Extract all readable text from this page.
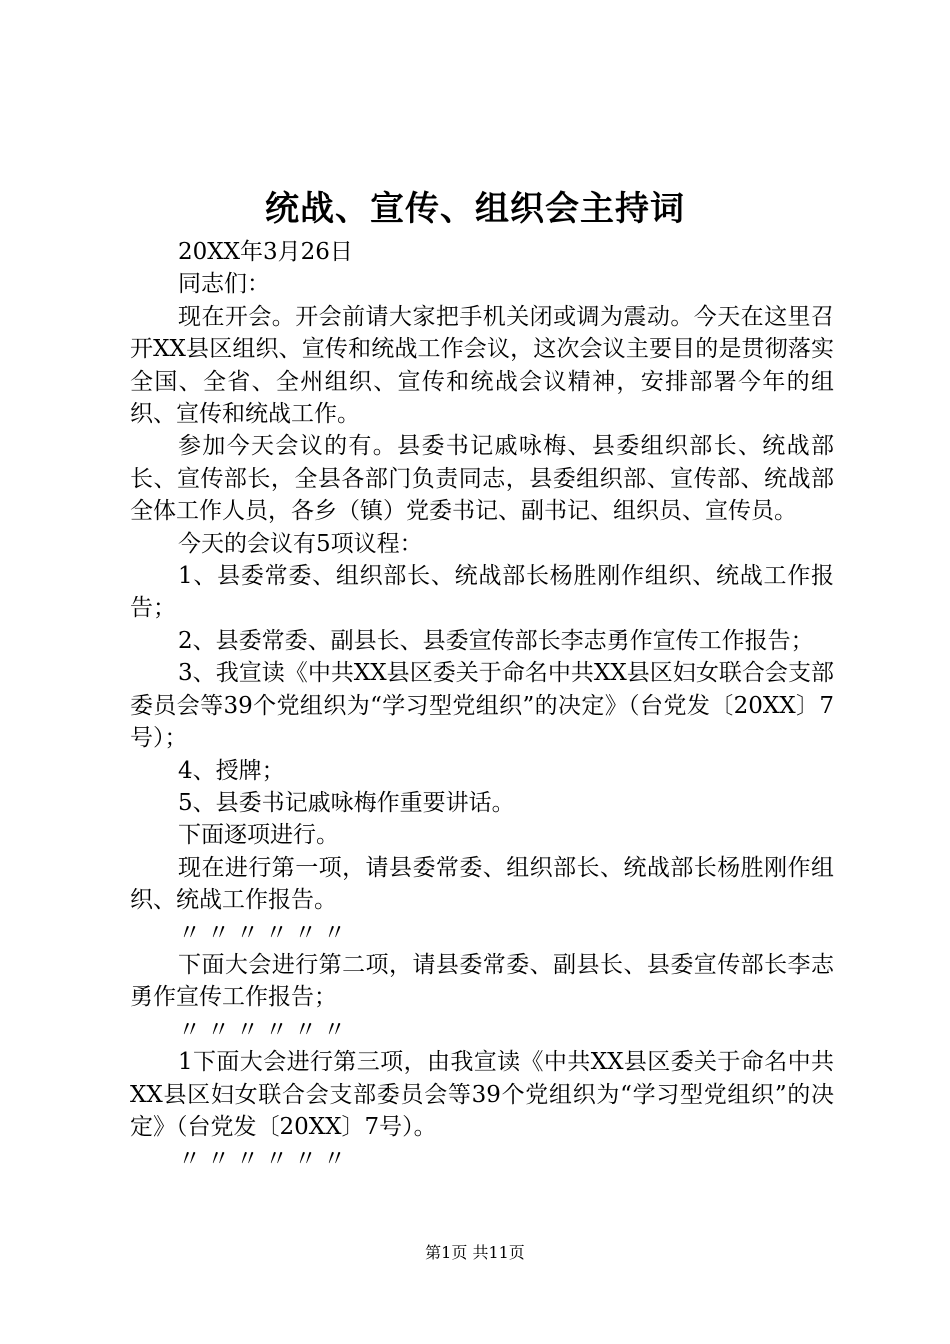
统战、宣传、组织会主持词

20XX年3月26日

同志们：

现在开会。开会前请大家把手机关闭或调为震动。今天在这里召开XX县区组织、宣传和统战工作会议，这次会议主要目的是贯彻落实全国、全省、全州组织、宣传和统战会议精神，安排部署今年的组织、宣传和统战工作。

参加今天会议的有。县委书记戚咏梅、县委组织部长、统战部长、宣传部长，全县各部门负责同志，县委组织部、宣传部、统战部全体工作人员，各乡（镇）党委书记、副书记、组织员、宣传员。

今天的会议有5项议程：

1、县委常委、组织部长、统战部长杨胜刚作组织、统战工作报告；

2、县委常委、副县长、县委宣传部长李志勇作宣传工作报告；

3、我宣读《中共XX县区委关于命名中共XX县区妇女联合会支部委员会等39个党组织为“学习型党组织”的决定》（台党发〔20XX〕7号）；

4、授牌；

5、县委书记戚咏梅作重要讲话。

下面逐项进行。

现在进行第一项，请县委常委、组织部长、统战部长杨胜刚作组织、统战工作报告。

〃〃〃〃〃〃

下面大会进行第二项，请县委常委、副县长、县委宣传部长李志勇作宣传工作报告；

〃〃〃〃〃〃

1下面大会进行第三项，由我宣读《中共XX县区委关于命名中共XX县区妇女联合会支部委员会等39个党组织为“学习型党组织”的决定》（台党发〔20XX〕7号）。

〃〃〃〃〃〃

第1页 共11页
